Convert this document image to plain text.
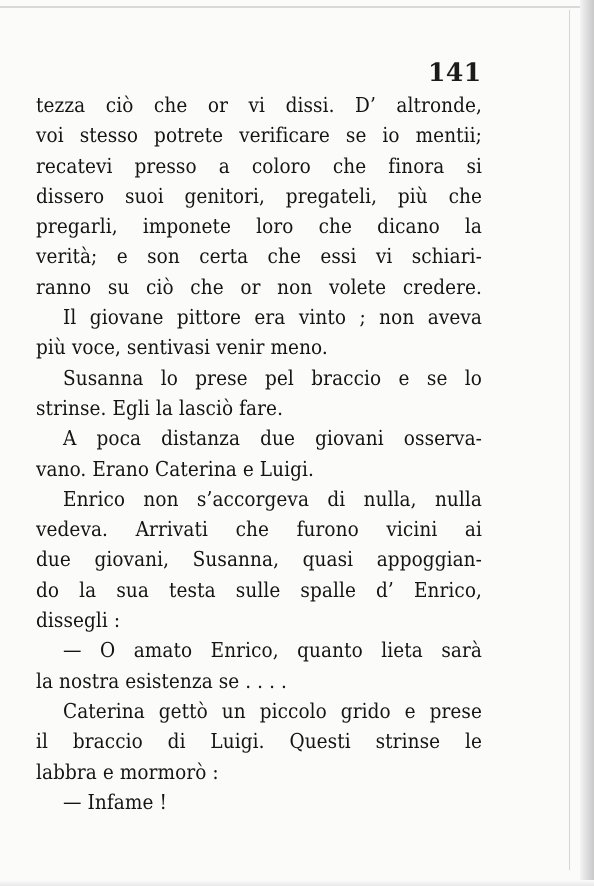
141
tezza ciò che or vi dissi. D’ altronde,
voi stesso potrete verificare se io mentii;
recatevi presso a coloro che finora si
dissero suoi genitori, pregateli, più che
pregarli, imponete loro che dicano la
verità; e son certa che essi vi schiari-
ranno su ciò che or non volete credere.
Il giovane pittore era vinto ; non aveva
più voce, sentivasi venir meno.
Susanna lo prese pel braccio e se lo
strinse. Egli la lasciò fare.
A poca distanza due giovani osserva-
vano. Erano Caterina e Luigi.
Enrico non s’accorgeva di nulla, nulla
vedeva. Arrivati che furono vicini ai
due giovani, Susanna, quasi appoggian-
do la sua testa sulle spalle d’ Enrico,
dissegli :
— O amato Enrico, quanto lieta sarà
la nostra esistenza se . . . .
Caterina gettò un piccolo grido e prese
il braccio di Luigi. Questi strinse le
labbra e mormorò :
— Infame !
